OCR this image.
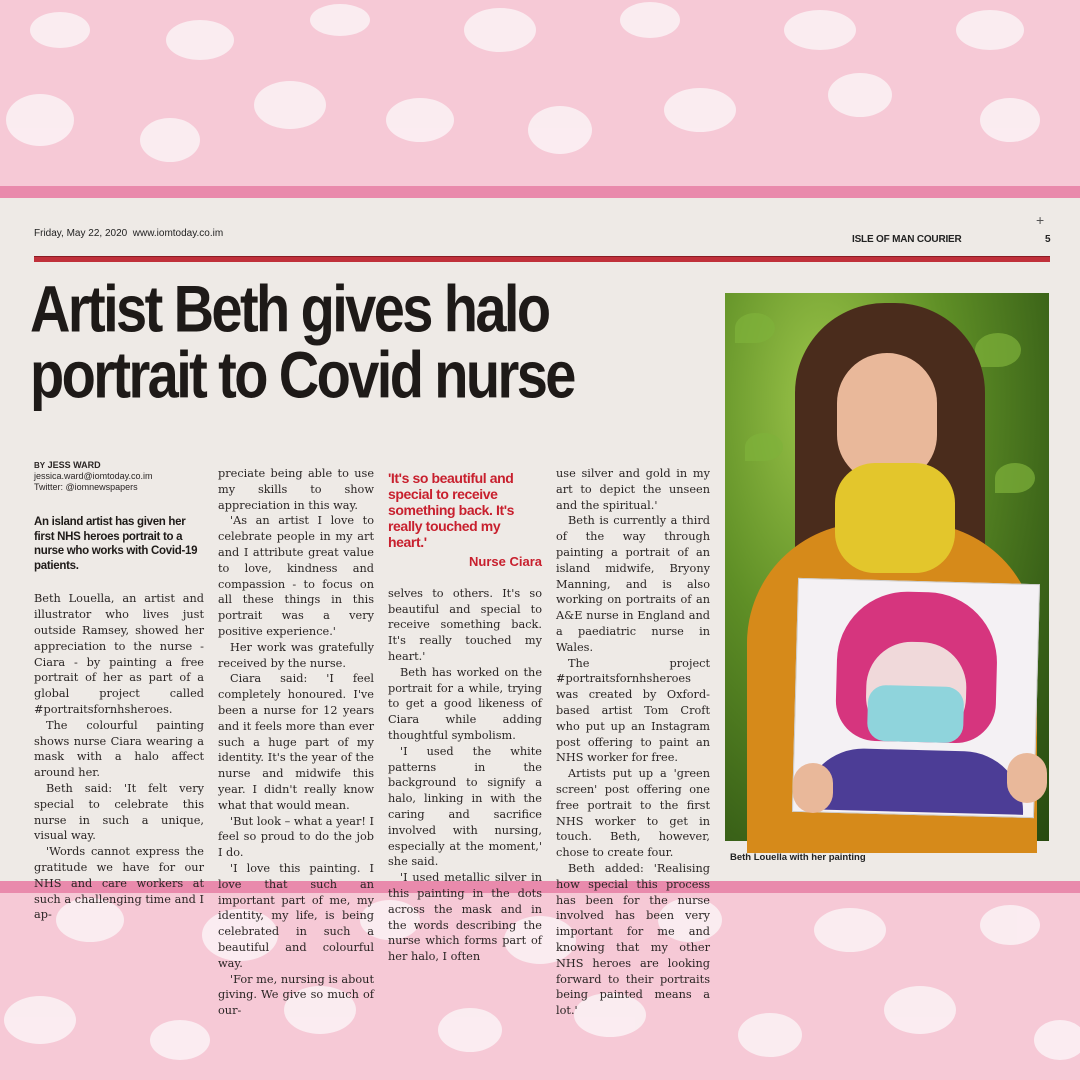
Friday, May 22, 2020 www.iomtoday.co.im
+
ISLE OF MAN COURIER	5
Artist Beth gives halo
portrait to Covid nurse
BY JESS WARD
jessica.ward@iomtoday.co.im
Twitter: @iomnewspapers
An island artist has given her first NHS heroes portrait to a nurse who works with Covid-19 patients.

Beth Louella, an artist and illustrator who lives just outside Ramsey, showed her appreciation to the nurse - Ciara - by painting a free portrait of her as part of a global project called #portraitsfornhsheroes.

The colourful painting shows nurse Ciara wearing a mask with a halo affect around her.

Beth said: 'It felt very special to celebrate this nurse in such a unique, visual way.

'Words cannot express the gratitude we have for our NHS and care workers at such a challenging time and I ap-

preciate being able to use my skills to show appreciation in this way.

'As an artist I love to celebrate people in my art and I attribute great value to love, kindness and compassion - to focus on all these things in this portrait was a very positive experience.'

Her work was gratefully received by the nurse.

Ciara said: 'I feel completely honoured. I've been a nurse for 12 years and it feels more than ever such a huge part of my identity. It's the year of the nurse and midwife this year. I didn't really know what that would mean.

'But look – what a year! I feel so proud to do the job I do.

'I love this painting. I love that such an important part of me, my identity, my life, is being celebrated in such a beautiful and colourful way.

'For me, nursing is about giving. We give so much of our-

'It's so beautiful and special to receive something back. It's really touched my heart.'
Nurse Ciara

selves to others. It's so beautiful and special to receive something back. It's really touched my heart.'

Beth has worked on the portrait for a while, trying to get a good likeness of Ciara while adding thoughtful symbolism.

'I used the white patterns in the background to signify a halo, linking in with the caring and sacrifice involved with nursing, especially at the moment,' she said.

'I used metallic silver in this painting in the dots across the mask and in the words describing the nurse which forms part of her halo, I often

use silver and gold in my art to depict the unseen and the spiritual.'

Beth is currently a third of the way through painting a portrait of an island midwife, Bryony Manning, and is also working on portraits of an A&E nurse in England and a paediatric nurse in Wales.

The project #portraitsfornhsheroes was created by Oxford-based artist Tom Croft who put up an Instagram post offering to paint an NHS worker for free.

Artists put up a 'green screen' post offering one free portrait to the first NHS worker to get in touch. Beth, however, chose to create four.

Beth added: 'Realising how special this process has been for the nurse involved has been very important for me and knowing that my other NHS heroes are looking forward to their portraits being painted means a lot.'

Beth Louella with her painting
